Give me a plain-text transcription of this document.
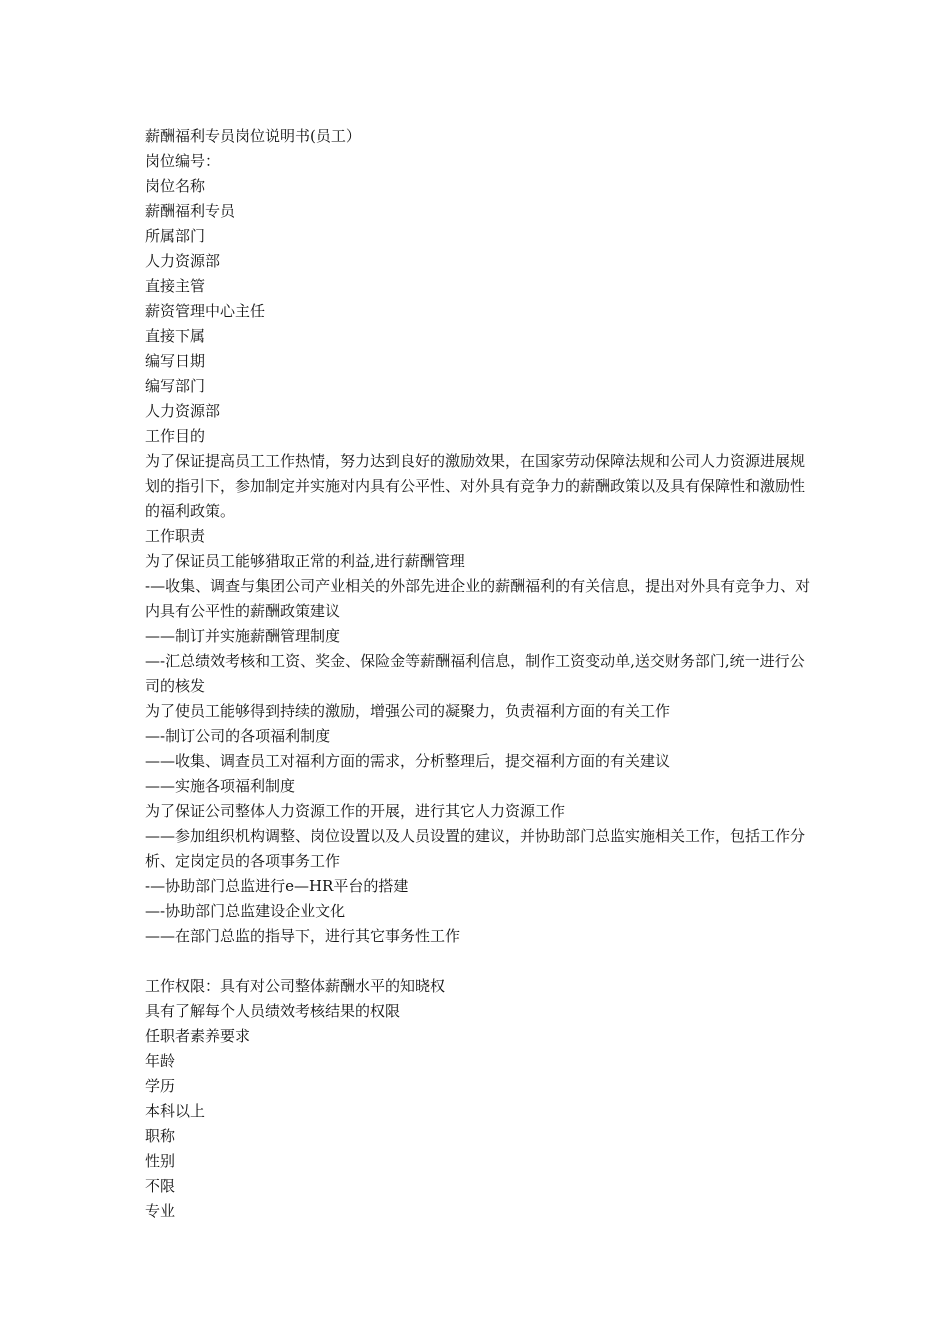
薪酬福利专员岗位说明书(员工）
岗位编号：
岗位名称
薪酬福利专员
所属部门
人力资源部
直接主管
薪资管理中心主任
直接下属
编写日期
编写部门
人力资源部
工作目的
为了保证提高员工工作热情，努力达到良好的激励效果，在国家劳动保障法规和公司人力资源进展规划的指引下，参加制定并实施对内具有公平性、对外具有竞争力的薪酬政策以及具有保障性和激励性的福利政策。
工作职责
为了保证员工能够猎取正常的利益,进行薪酬管理
-—收集、调查与集团公司产业相关的外部先进企业的薪酬福利的有关信息，提出对外具有竞争力、对内具有公平性的薪酬政策建议
——制订并实施薪酬管理制度
—-汇总绩效考核和工资、奖金、保险金等薪酬福利信息，制作工资变动单,送交财务部门,统一进行公司的核发
为了使员工能够得到持续的激励，增强公司的凝聚力，负责福利方面的有关工作
—-制订公司的各项福利制度
——收集、调查员工对福利方面的需求，分析整理后，提交福利方面的有关建议
——实施各项福利制度
为了保证公司整体人力资源工作的开展，进行其它人力资源工作
——参加组织机构调整、岗位设置以及人员设置的建议，并协助部门总监实施相关工作，包括工作分析、定岗定员的各项事务工作
-—协助部门总监进行e—HR平台的搭建
—-协助部门总监建设企业文化
——在部门总监的指导下，进行其它事务性工作
工作权限：具有对公司整体薪酬水平的知晓权
具有了解每个人员绩效考核结果的权限
任职者素养要求
年龄
学历
本科以上
职称
性别
不限
专业
